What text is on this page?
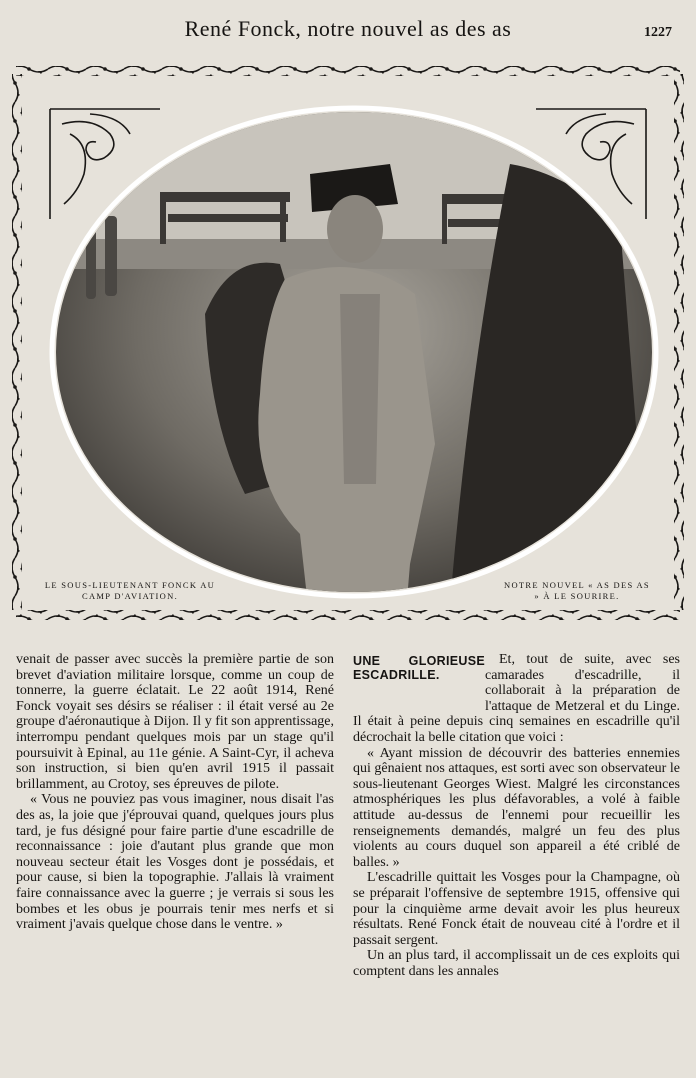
René Fonck, notre nouvel as des as	1227
LE SOUS-LIEUTENANT FONCK AU CAMP D'AVIATION.
NOTRE NOUVEL « AS DES AS » À LE SOURIRE.

venait de passer avec succès la première partie de son brevet d'aviation militaire lorsque, comme un coup de tonnerre, la guerre éclatait. Le 22 août 1914, René Fonck voyait ses désirs se réaliser : il était versé au 2e groupe d'aéronautique à Dijon. Il y fit son apprentissage, interrompu pendant quelques mois par un stage qu'il poursuivit à Epinal, au 11e génie. A Saint-Cyr, il acheva son instruction, si bien qu'en avril 1915 il passait brillamment, au Crotoy, ses épreuves de pilote.

« Vous ne pouviez pas vous imaginer, nous disait l'as des as, la joie que j'éprouvai quand, quelques jours plus tard, je fus désigné pour faire partie d'une escadrille de reconnaissance : joie d'autant plus grande que mon nouveau secteur était les Vosges dont je possédais, et pour cause, si bien la topographie. J'allais là vraiment faire connaissance avec la guerre ; je verrais si sous les bombes et les obus je pourrais tenir mes nerfs et si vraiment j'avais quelque chose dans le ventre. »

UNE GLORIEUSE ESCADRILLE.

Et, tout de suite, avec ses camarades d'escadrille, il collaborait à la préparation de l'attaque de Metzeral et du Linge. Il était à peine depuis cinq semaines en escadrille qu'il décrochait la belle citation que voici :

« Ayant mission de découvrir des batteries ennemies qui gênaient nos attaques, est sorti avec son observateur le sous-lieutenant Georges Wiest. Malgré les circonstances atmosphériques les plus défavorables, a volé à faible attitude au-dessus de l'ennemi pour recueillir les renseignements demandés, malgré un feu des plus violents au cours duquel son appareil a été criblé de balles. »

L'escadrille quittait les Vosges pour la Champagne, où se préparait l'offensive de septembre 1915, offensive qui pour la cinquième arme devait avoir les plus heureux résultats. René Fonck était de nouveau cité à l'ordre et il passait sergent.

Un an plus tard, il accomplissait un de ces exploits qui comptent dans les annales
